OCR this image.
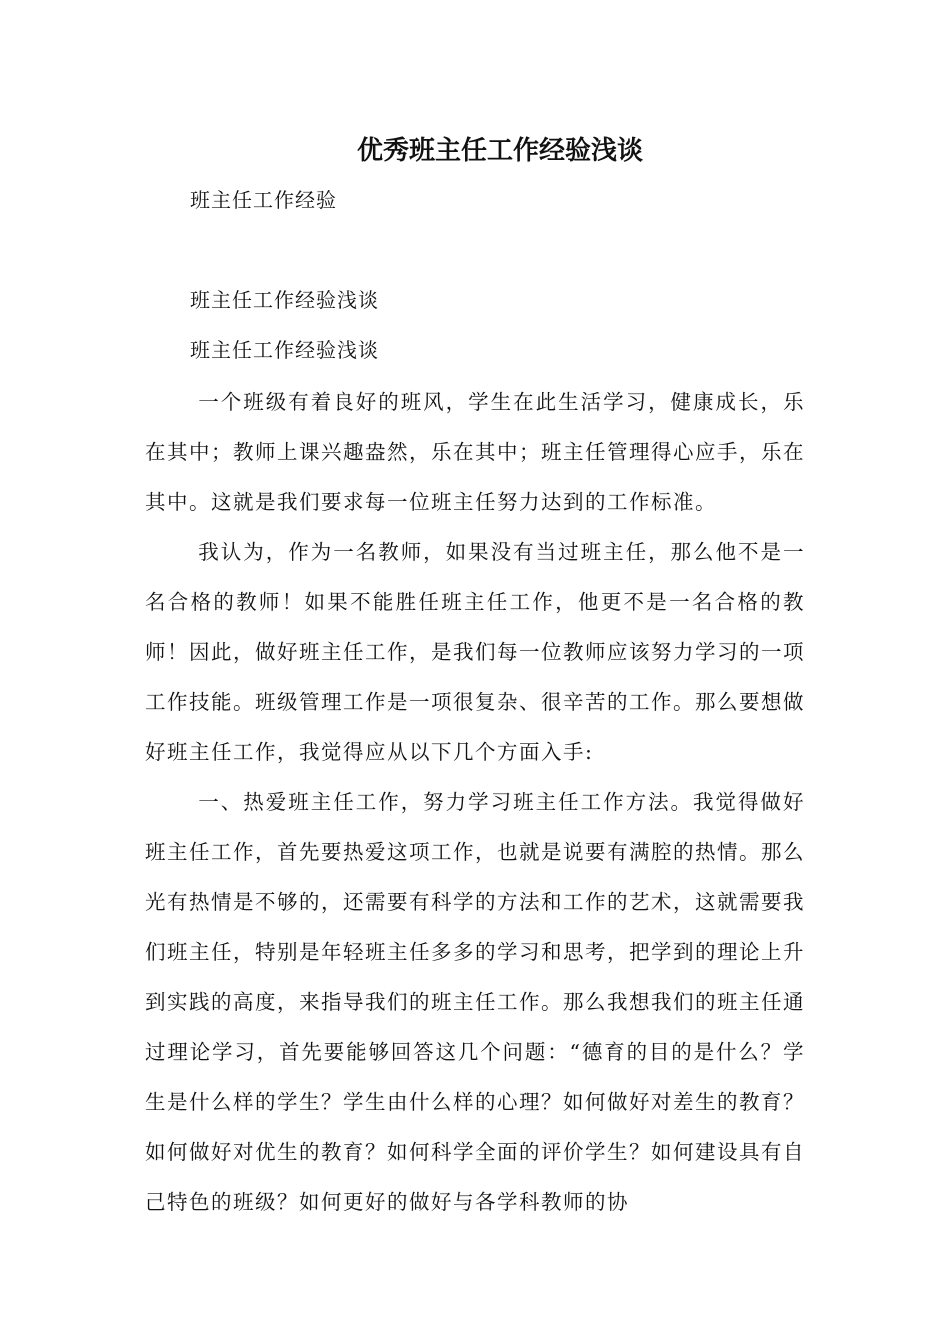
优秀班主任工作经验浅谈

班主任工作经验

班主任工作经验浅谈

班主任工作经验浅谈

一个班级有着良好的班风，学生在此生活学习，健康成长，乐在其中；教师上课兴趣盎然，乐在其中；班主任管理得心应手，乐在其中。这就是我们要求每一位班主任努力达到的工作标准。

我认为，作为一名教师，如果没有当过班主任，那么他不是一名合格的教师！如果不能胜任班主任工作，他更不是一名合格的教师！因此，做好班主任工作，是我们每一位教师应该努力学习的一项工作技能。班级管理工作是一项很复杂、很辛苦的工作。那么要想做好班主任工作，我觉得应从以下几个方面入手:

一、热爱班主任工作，努力学习班主任工作方法。我觉得做好班主任工作，首先要热爱这项工作，也就是说要有满腔的热情。那么光有热情是不够的，还需要有科学的方法和工作的艺术，这就需要我们班主任，特别是年轻班主任多多的学习和思考，把学到的理论上升到实践的高度，来指导我们的班主任工作。那么我想我们的班主任通过理论学习，首先要能够回答这几个问题：“德育的目的是什么？学生是什么样的学生？学生由什么样的心理？如何做好对差生的教育？如何做好对优生的教育？如何科学全面的评价学生？如何建设具有自己特色的班级？如何更好的做好与各学科教师的协
